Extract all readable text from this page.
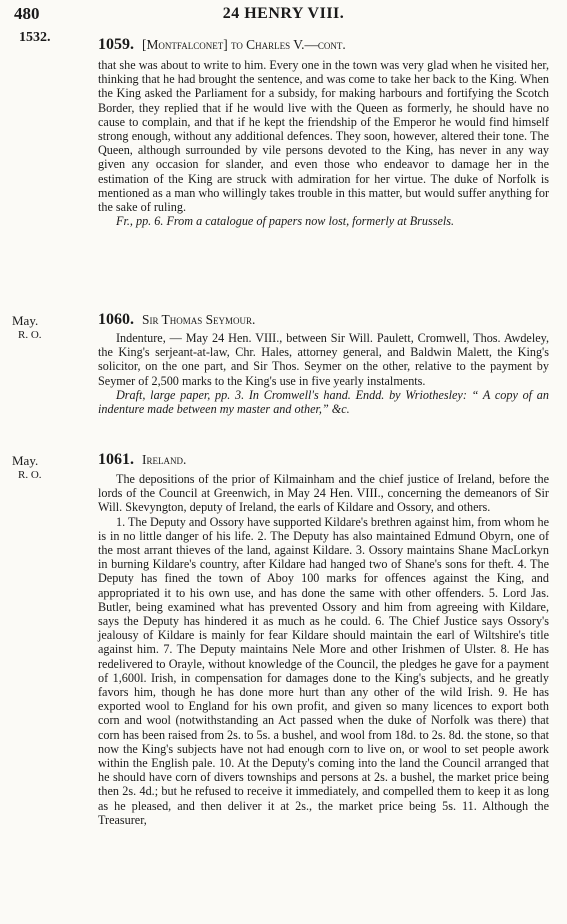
480	24 HENRY VIII.
1532.	1059. [Montfalconet] to Charles V.—cont.

that she was about to write to him. Every one in the town was very glad when he visited her, thinking that he had brought the sentence, and was come to take her back to the King. When the King asked the Parliament for a subsidy, for making harbours and fortifying the Scotch Border, they replied that if he would live with the Queen as formerly, he should have no cause to complain, and that if he kept the friendship of the Emperor he would find himself strong enough, without any additional defences. They soon, however, altered their tone. The Queen, although surrounded by vile persons devoted to the King, has never in any way given any occasion for slander, and even those who endeavor to damage her in the estimation of the King are struck with admiration for her virtue. The duke of Norfolk is mentioned as a man who willingly takes trouble in this matter, but would suffer anything for the sake of ruling.

Fr., pp. 6. From a catalogue of papers now lost, formerly at Brussels.

May.
R. O.
1060. Sir Thomas Seymour.

Indenture, — May 24 Hen. VIII., between Sir Will. Paulett, Cromwell, Thos. Awdeley, the King's serjeant-at-law, Chr. Hales, attorney general, and Baldwin Malett, the King's solicitor, on the one part, and Sir Thos. Seymer on the other, relative to the payment by Seymer of 2,500 marks to the King's use in five yearly instalments.

Draft, large paper, pp. 3. In Cromwell's hand. Endd. by Wriothesley: “ A copy of an indenture made between my master and other,” &c.

May.
R. O.
1061. Ireland.

The depositions of the prior of Kilmainham and the chief justice of Ireland, before the lords of the Council at Greenwich, in May 24 Hen. VIII., concerning the demeanors of Sir Will. Skevyngton, deputy of Ireland, the earls of Kildare and Ossory, and others.

1. The Deputy and Ossory have supported Kildare's brethren against him, from whom he is in no little danger of his life. 2. The Deputy has also maintained Edmund Obyrn, one of the most arrant thieves of the land, against Kildare. 3. Ossory maintains Shane MacLorkyn in burning Kildare's country, after Kildare had hanged two of Shane's sons for theft. 4. The Deputy has fined the town of Aboy 100 marks for offences against the King, and appropriated it to his own use, and has done the same with other offenders. 5. Lord Jas. Butler, being examined what has prevented Ossory and him from agreeing with Kildare, says the Deputy has hindered it as much as he could. 6. The Chief Justice says Ossory's jealousy of Kildare is mainly for fear Kildare should maintain the earl of Wiltshire's title against him. 7. The Deputy maintains Nele More and other Irishmen of Ulster. 8. He has redelivered to Orayle, without knowledge of the Council, the pledges he gave for a payment of 1,600l. Irish, in compensation for damages done to the King's subjects, and he greatly favors him, though he has done more hurt than any other of the wild Irish. 9. He has exported wool to England for his own profit, and given so many licences to export both corn and wool (notwithstanding an Act passed when the duke of Norfolk was there) that corn has been raised from 2s. to 5s. a bushel, and wool from 18d. to 2s. 8d. the stone, so that now the King's subjects have not had enough corn to live on, or wool to set people awork within the English pale. 10. At the Deputy's coming into the land the Council arranged that he should have corn of divers townships and persons at 2s. a bushel, the market price being then 2s. 4d.; but he refused to receive it immediately, and compelled them to keep it as long as he pleased, and then deliver it at 2s., the market price being 5s. 11. Although the Treasurer,
